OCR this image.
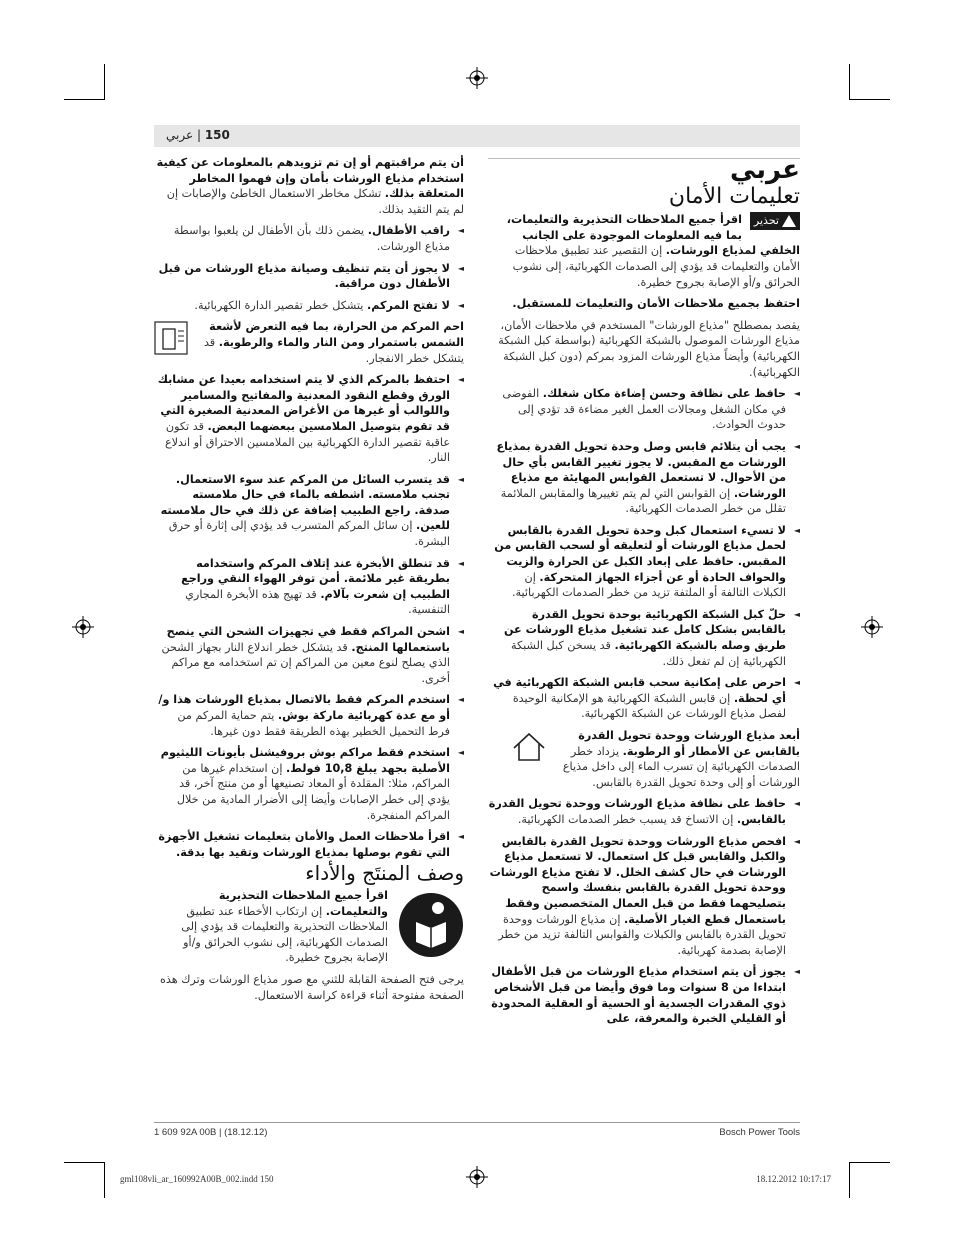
150 | عربي
عربي
تعليمات الأمان

تحذير
اقرأ جميع الملاحظات التحذيرية والتعليمات، بما فيه المعلومات الموجودة على الجانب الخلفي لمذياع الورشات. إن التقصير عند تطبيق ملاحظات الأمان والتعليمات قد يؤدي إلى الصدمات الكهربائية، إلى نشوب الحرائق و/أو الإصابة بجروح خطيرة.

احتفظ بجميع ملاحظات الأمان والتعليمات للمستقبل.

يقصد بمصطلح "مذياع الورشات" المستخدم في ملاحظات الأمان، مذياع الورشات الموصول بالشبكة الكهربائية (بواسطة كبل الشبكة الكهربائية) وأيضاً مذياع الورشات المزود بمركم (دون كبل الشبكة الكهربائية).

◄ حافظ على نظافة وحسن إضاءة مكان شغلك. الفوضى في مكان الشغل ومجالات العمل الغير مضاءة قد تؤدي إلى حدوث الحوادث.
◄ يجب أن يتلائم قابس وصل وحدة تحويل القدرة بمذياع الورشات مع المقبس. لا يجوز تغيير القابس بأي حال من الأحوال. لا تستعمل القوابس المهايئة مع مذياع الورشات. إن القوابس التي لم يتم تغييرها والمقابس الملائمة تقلل من خطر الصدمات الكهربائية.
◄ لا تسيء استعمال كبل وحدة تحويل القدرة بالقابس لحمل مذياع الورشات أو لتعليقه أو لسحب القابس من المقبس. حافظ على إبعاد الكبل عن الحرارة والزيت والحواف الحادة أو عن أجزاء الجهاز المتحركة. إن الكبلات التالفة أو الملتفة تزيد من خطر الصدمات الكهربائية.
◄ حلّ كبل الشبكة الكهربائية بوحدة تحويل القدرة بالقابس بشكل كامل عند تشغيل مذياع الورشات عن طريق وصله بالشبكة الكهربائية. قد يسخن كبل الشبكة الكهربائية إن لم تفعل ذلك.
◄ احرص على إمكانية سحب قابس الشبكة الكهربائية في أي لحظة. إن قابس الشبكة الكهربائية هو الإمكانية الوحيدة لفصل مذياع الورشات عن الشبكة الكهربائية.
أبعد مذياع الورشات ووحدة تحويل القدرة بالقابس عن الأمطار أو الرطوبة. يزداد خطر الصدمات الكهربائية إن تسرب الماء إلى داخل مذياع الورشات أو إلى وحدة تحويل القدرة بالقابس.
◄ حافظ على نظافة مذياع الورشات ووحدة تحويل القدرة بالقابس. إن الاتساخ قد يسبب خطر الصدمات الكهربائية.
◄ افحص مذياع الورشات ووحدة تحويل القدرة بالقابس والكبل والقابس قبل كل استعمال. لا تستعمل مذياع الورشات في حال كشف الخلل. لا تفتح مذياع الورشات ووحدة تحويل القدرة بالقابس بنفسك واسمح بتصليحهما فقط من قبل العمال المتخصصين وفقط باستعمال قطع الغيار الأصلية. إن مذياع الورشات ووحدة تحويل القدرة بالقابس والكبلات والقوابس التالفة تزيد من خطر الإصابة بصدمة كهربائية.
◄ يجوز أن يتم استخدام مذياع الورشات من قبل الأطفال ابتداءا من 8 سنوات وما فوق وأيضا من قبل الأشخاص ذوي المقدرات الجسدية أو الحسية أو العقلية المحدودة أو القليلي الخبرة والمعرفة، على

أن يتم مراقبتهم أو إن تم تزويدهم بالمعلومات عن كيفية استخدام مذياع الورشات بأمان وإن فهموا المخاطر المتعلقة بذلك. تشكل مخاطر الاستعمال الخاطئ والإصابات إن لم يتم التقيد بذلك.

◄ راقب الأطفال. يضمن ذلك بأن الأطفال لن يلعبوا بواسطة مذياع الورشات.
◄ لا يجوز أن يتم تنظيف وصيانة مذياع الورشات من قبل الأطفال دون مراقبة.
◄ لا تفتح المركم. يتشكل خطر تقصير الدارة الكهربائية.
احم المركم من الحرارة، بما فيه التعرض لأشعة الشمس باستمرار ومن النار والماء والرطوبة. قد يتشكل خطر الانفجار.
◄ احتفظ بالمركم الذي لا يتم استخدامه بعيدا عن مشابك الورق وقطع النقود المعدنية والمفاتيح والمسامير واللوالب أو غيرها من الأغراض المعدنية الصغيرة التي قد تقوم بتوصيل الملامسين ببعضهما البعض. قد تكون عاقبة تقصير الدارة الكهربائية بين الملامسين الاحتراق أو اندلاع النار.
◄ قد يتسرب السائل من المركم عند سوء الاستعمال. تجنب ملامسته. اشطفه بالماء في حال ملامسته صدفة. راجع الطبيب إضافة عن ذلك في حال ملامسته للعين. إن سائل المركم المتسرب قد يؤدي إلى إثارة أو حرق البشرة.
◄ قد تنطلق الأبخرة عند إتلاف المركم واستخدامه بطريقة غير ملائمة. أمن توفر الهواء النقي وراجع الطبيب إن شعرت بآلام. قد تهيج هذه الأبخرة المجاري التنفسية.
◄ اشحن المراكم فقط في تجهيزات الشحن التي ينصح باستعمالها المنتج. قد يتشكل خطر اندلاع النار بجهاز الشحن الذي يصلح لنوع معين من المراكم إن تم استخدامه مع مراكم أخرى.
◄ استخدم المركم فقط بالاتصال بمذياع الورشات هذا و/أو مع عدة كهربائية ماركة بوش. يتم حماية المركم من فرط التحميل الخطير بهذه الطريقة فقط دون غيرها.
◄ استخدم فقط مراكم بوش بروفيشنل بأيونات الليثيوم الأصلية بجهد يبلغ 10,8 فولط. إن استخدام غيرها من المراكم، مثلا: المقلدة أو المعاد تصنيعها أو من منتج آخر، قد يؤدي إلى خطر الإصابات وأيضا إلى الأضرار المادية من خلال المراكم المنفجرة.
◄ اقرأ ملاحظات العمل والأمان بتعليمات تشغيل الأجهزة التي تقوم بوصلها بمذياع الورشات وتقيد بها بدقة.
وصف المنتَج والأداء
اقرأ جميع الملاحظات التحذيرية والتعليمات. إن ارتكاب الأخطاء عند تطبيق الملاحظات التحذيرية والتعليمات قد يؤدي إلى الصدمات الكهربائية، إلى نشوب الحرائق و/أو الإصابة بجروح خطيرة.

يرجى فتح الصفحة القابلة للثني مع صور مذياع الورشات وترك هذه الصفحة مفتوحة أثناء قراءة كراسة الاستعمال.

1 609 92A 00B | (18.12.12)	Bosch Power Tools
gml108vli_ar_160992A00B_002.indd 150	18.12.2012 10:17:17
